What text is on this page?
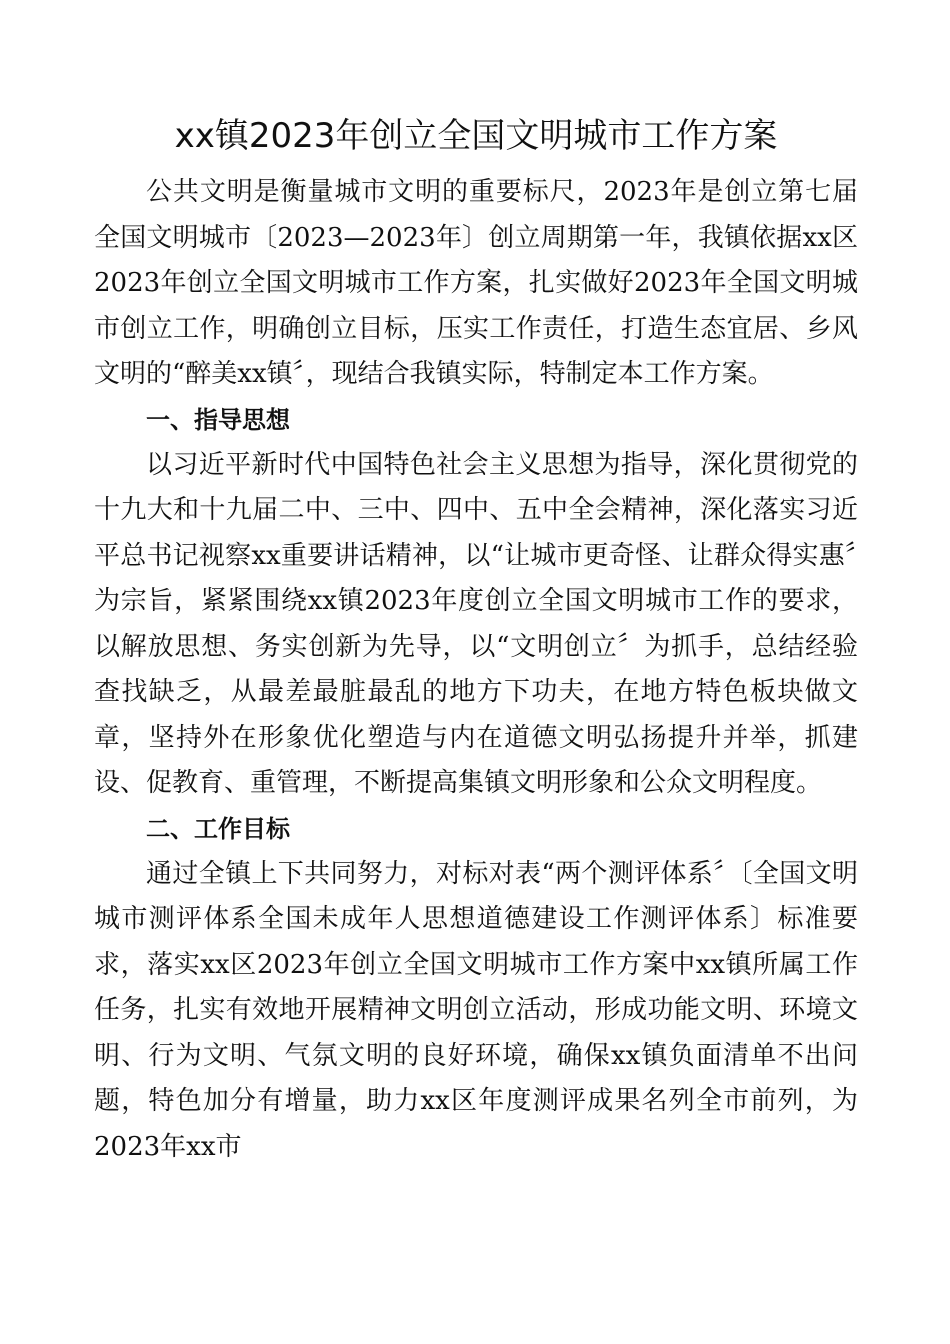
xx镇2023年创立全国文明城市工作方案

公共文明是衡量城市文明的重要标尺，2023年是创立第七届全国文明城市〔2023—2023年〕创立周期第一年，我镇依据xx区2023年创立全国文明城市工作方案，扎实做好2023年全国文明城市创立工作，明确创立目标，压实工作责任，打造生态宜居、乡风文明的“醉美xx镇〞，现结合我镇实际，特制定本工作方案。

一、指导思想

以习近平新时代中国特色社会主义思想为指导，深化贯彻党的十九大和十九届二中、三中、四中、五中全会精神，深化落实习近平总书记视察xx重要讲话精神，以“让城市更奇怪、让群众得实惠〞为宗旨，紧紧围绕xx镇2023年度创立全国文明城市工作的要求，以解放思想、务实创新为先导，以“文明创立〞为抓手，总结经验查找缺乏，从最差最脏最乱的地方下功夫，在地方特色板块做文章，坚持外在形象优化塑造与内在道德文明弘扬提升并举，抓建设、促教育、重管理，不断提高集镇文明形象和公众文明程度。

二、工作目标

通过全镇上下共同努力，对标对表“两个测评体系〞〔全国文明城市测评体系全国未成年人思想道德建设工作测评体系〕标准要求，落实xx区2023年创立全国文明城市工作方案中xx镇所属工作任务，扎实有效地开展精神文明创立活动，形成功能文明、环境文明、行为文明、气氛文明的良好环境，确保xx镇负面清单不出问题，特色加分有增量，助力xx区年度测评成果名列全市前列，为2023年xx市
